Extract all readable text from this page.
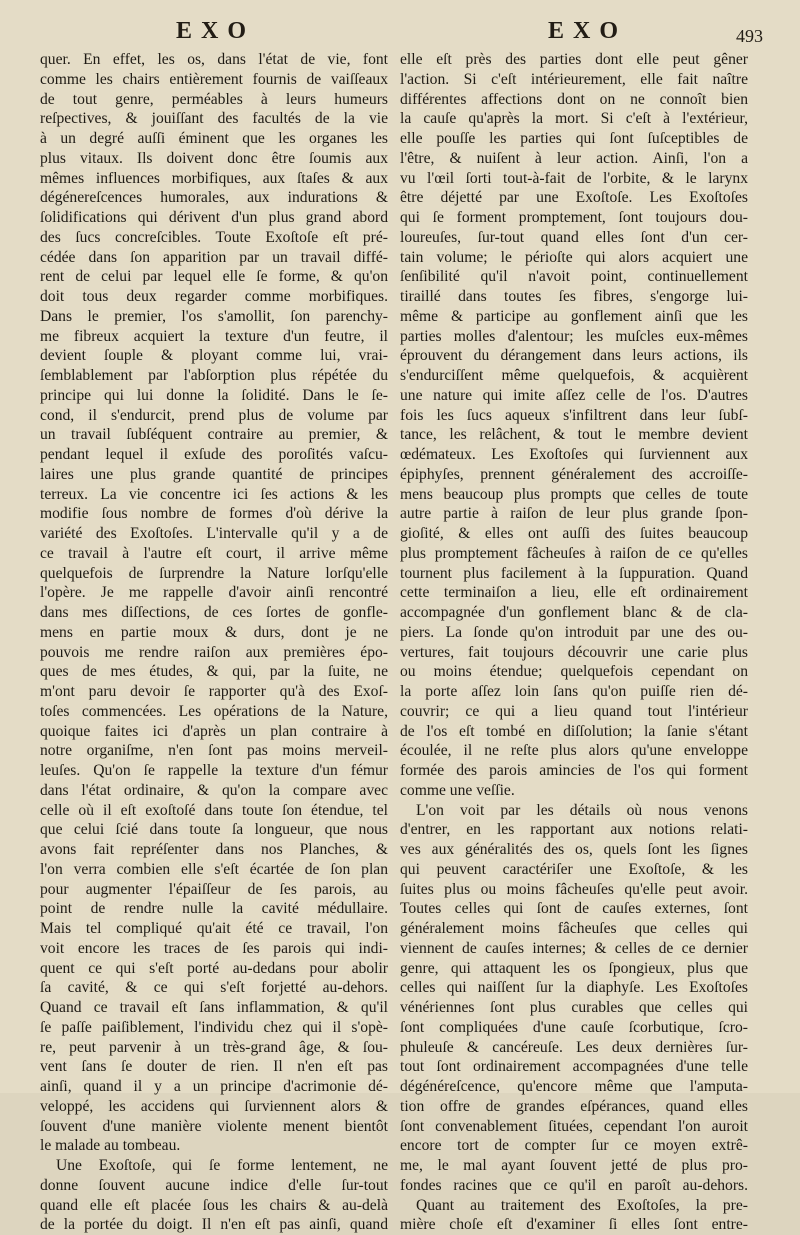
EXO	EXO	493
quer. En effet, les os, dans l'état de vie, font
comme les chairs entièrement fournis de vaiſſeaux
de tout genre, perméables à leurs humeurs
reſpectives, & jouiſſant des facultés de la vie
à un degré auſſi éminent que les organes les
plus vitaux. Ils doivent donc être ſoumis aux
mêmes influences morbifiques, aux ſtaſes & aux
dégénereſcences humorales, aux indurations &
ſolidifications qui dérivent d'un plus grand abord
des ſucs concreſcibles. Toute Exoſtoſe eſt pré-
cédée dans ſon apparition par un travail diffé-
rent de celui par lequel elle ſe forme, & qu'on
doit tous deux regarder comme morbifiques.
Dans le premier, l'os s'amollit, ſon parenchy-
me fibreux acquiert la texture d'un feutre, il
devient ſouple & ployant comme lui, vrai-
ſemblablement par l'abſorption plus répétée du
principe qui lui donne la ſolidité. Dans le ſe-
cond, il s'endurcit, prend plus de volume par
un travail ſubſéquent contraire au premier, &
pendant lequel il exſude des poroſités vaſcu-
laires une plus grande quantité de principes
terreux. La vie concentre ici ſes actions & les
modifie ſous nombre de formes d'où dérive la
variété des Exoſtoſes. L'intervalle qu'il y a de
ce travail à l'autre eſt court, il arrive même
quelquefois de ſurprendre la Nature lorſqu'elle
l'opère. Je me rappelle d'avoir ainſi rencontré
dans mes diſſections, de ces ſortes de gonfle-
mens en partie moux & durs, dont je ne
pouvois me rendre raiſon aux premières épo-
ques de mes études, & qui, par la ſuite, ne
m'ont paru devoir ſe rapporter qu'à des Exoſ-
toſes commencées. Les opérations de la Nature,
quoique faites ici d'après un plan contraire à
notre organiſme, n'en ſont pas moins merveil-
leuſes. Qu'on ſe rappelle la texture d'un fémur
dans l'état ordinaire, & qu'on la compare avec
celle où il eſt exoſtoſé dans toute ſon étendue, tel
que celui ſcié dans toute ſa longueur, que nous
avons fait repréſenter dans nos Planches, &
l'on verra combien elle s'eſt écartée de ſon plan
pour augmenter l'épaiſſeur de ſes parois, au
point de rendre nulle la cavité médullaire.
Mais tel compliqué qu'ait été ce travail, l'on
voit encore les traces de ſes parois qui indi-
quent ce qui s'eſt porté au-dedans pour abolir
ſa cavité, & ce qui s'eſt forjetté au-dehors.
Quand ce travail eſt ſans inflammation, & qu'il
ſe paſſe paiſiblement, l'individu chez qui il s'opè-
re, peut parvenir à un très-grand âge, & ſou-
vent ſans ſe douter de rien. Il n'en eſt pas
ainſi, quand il y a un principe d'acrimonie dé-
veloppé, les accidens qui ſurviennent alors &
ſouvent d'une manière violente menent bientôt
le malade au tombeau.
Une Exoſtoſe, qui ſe forme lentement, ne
donne ſouvent aucune indice d'elle ſur-tout
quand elle eſt placée ſous les chairs & au-delà
de la portée du doigt. Il n'en eſt pas ainſi, quand
elle eſt près des parties dont elle peut gêner
l'action. Si c'eſt intérieurement, elle fait naître
différentes affections dont on ne connoît bien
la cauſe qu'après la mort. Si c'eſt à l'extérieur,
elle pouſſe les parties qui ſont ſuſceptibles de
l'être, & nuiſent à leur action. Ainſi, l'on a
vu l'œil ſorti tout-à-fait de l'orbite, & le larynx
être déjetté par une Exoſtoſe. Les Exoſtoſes
qui ſe forment promptement, ſont toujours dou-
loureuſes, ſur-tout quand elles ſont d'un cer-
tain volume; le périoſte qui alors acquiert une
ſenſibilité qu'il n'avoit point, continuellement
tiraillé dans toutes ſes fibres, s'engorge lui-
même & participe au gonflement ainſi que les
parties molles d'alentour; les muſcles eux-mêmes
éprouvent du dérangement dans leurs actions, ils
s'endurciſſent même quelquefois, & acquièrent
une nature qui imite aſſez celle de l'os. D'autres
fois les ſucs aqueux s'infiltrent dans leur ſubſ-
tance, les relâchent, & tout le membre devient
œdémateux. Les Exoſtoſes qui ſurviennent aux
épiphyſes, prennent généralement des accroiſſe-
mens beaucoup plus prompts que celles de toute
autre partie à raiſon de leur plus grande ſpon-
gioſité, & elles ont auſſi des ſuites beaucoup
plus promptement fâcheuſes à raiſon de ce qu'elles
tournent plus facilement à la ſuppuration. Quand
cette terminaiſon a lieu, elle eſt ordinairement
accompagnée d'un gonflement blanc & de cla-
piers. La ſonde qu'on introduit par une des ou-
vertures, fait toujours découvrir une carie plus
ou moins étendue; quelquefois cependant on
la porte aſſez loin ſans qu'on puiſſe rien dé-
couvrir; ce qui a lieu quand tout l'intérieur
de l'os eſt tombé en diſſolution; la ſanie s'étant
écoulée, il ne reſte plus alors qu'une enveloppe
formée des parois amincies de l'os qui forment
comme une veſſie.
L'on voit par les détails où nous venons
d'entrer, en les rapportant aux notions relati-
ves aux généralités des os, quels ſont les ſignes
qui peuvent caractériſer une Exoſtoſe, & les
ſuites plus ou moins fâcheuſes qu'elle peut avoir.
Toutes celles qui ſont de cauſes externes, ſont
généralement moins fâcheuſes que celles qui
viennent de cauſes internes; & celles de ce dernier
genre, qui attaquent les os ſpongieux, plus que
celles qui naiſſent ſur la diaphyſe. Les Exoſtoſes
vénériennes ſont plus curables que celles qui
ſont compliquées d'une cauſe ſcorbutique, ſcro-
phuleuſe & cancéreuſe. Les deux dernières ſur-
tout ſont ordinairement accompagnées d'une telle
dégénéreſcence, qu'encore même que l'amputa-
tion offre de grandes eſpérances, quand elles
ſont convenablement ſituées, cependant l'on auroit
encore tort de compter ſur ce moyen extrê-
me, le mal ayant ſouvent jetté de plus pro-
fondes racines que ce qu'il en paroît au-dehors.
Quant au traitement des Exoſtoſes, la pre-
mière choſe eſt d'examiner ſi elles ſont entre-
